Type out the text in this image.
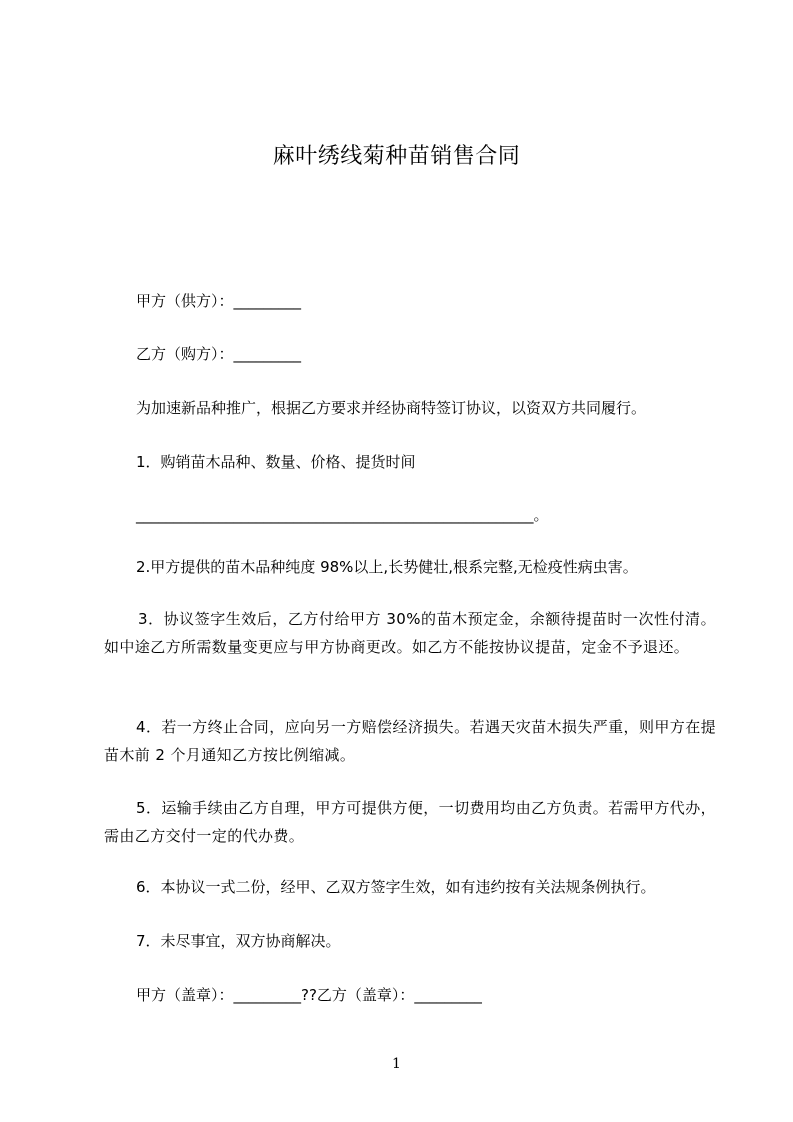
麻叶绣线菊种苗销售合同
甲方（供方）：_________
乙方（购方）：_________
为加速新品种推广，根据乙方要求并经协商特签订协议，以资双方共同履行。
1．购销苗木品种、数量、价格、提货时间
_____________________________________________________。
2.甲方提供的苗木品种纯度 98%以上,长势健壮,根系完整,无检疫性病虫害。
3．协议签字生效后，乙方付给甲方 30%的苗木预定金，余额待提苗时一次性付清。如中途乙方所需数量变更应与甲方协商更改。如乙方不能按协议提苗，定金不予退还。
4．若一方终止合同，应向另一方赔偿经济损失。若遇天灾苗木损失严重，则甲方在提苗木前 2 个月通知乙方按比例缩减。
5．运输手续由乙方自理，甲方可提供方便，一切费用均由乙方负责。若需甲方代办，需由乙方交付一定的代办费。
6．本协议一式二份，经甲、乙双方签字生效，如有违约按有关法规条例执行。
7．未尽事宜，双方协商解决。
甲方（盖章）：_________??乙方（盖章）：_________
1
